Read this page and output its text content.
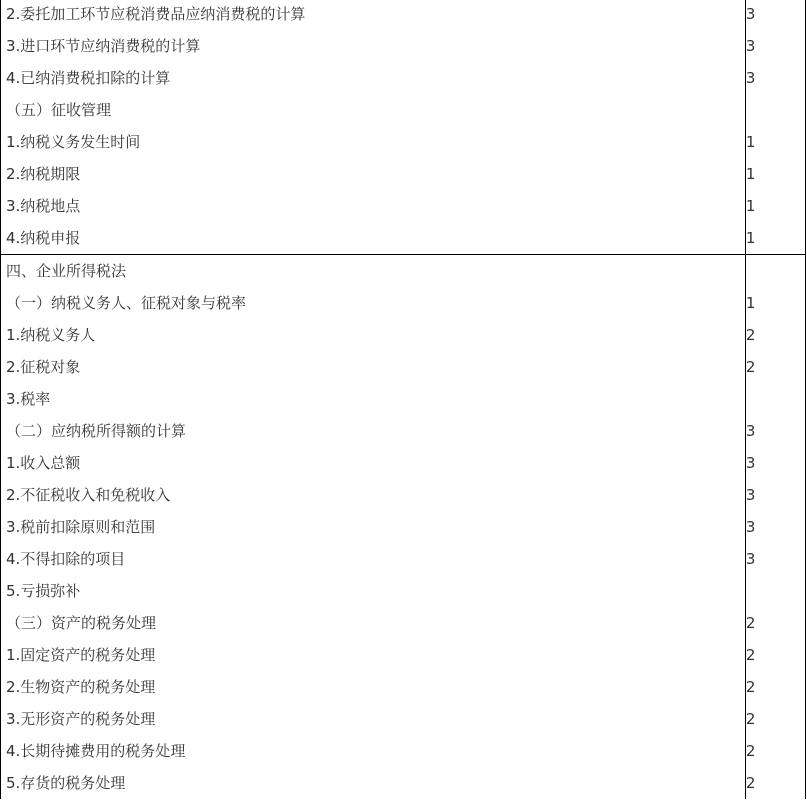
2.委托加工环节应税消费品应纳消费税的计算	3
3.进口环节应纳消费税的计算	3
4.已纳消费税扣除的计算	3
（五）征收管理	
1.纳税义务发生时间	1
2.纳税期限	1
3.纳税地点	1
4.纳税申报	1
四、企业所得税法	
（一）纳税义务人、征税对象与税率	1
1.纳税义务人	2
2.征税对象	2
3.税率	
（二）应纳税所得额的计算	3
1.收入总额	3
2.不征税收入和免税收入	3
3.税前扣除原则和范围	3
4.不得扣除的项目	3
5.亏损弥补	
（三）资产的税务处理	2
1.固定资产的税务处理	2
2.生物资产的税务处理	2
3.无形资产的税务处理	2
4.长期待摊费用的税务处理	2
5.存货的税务处理	2
